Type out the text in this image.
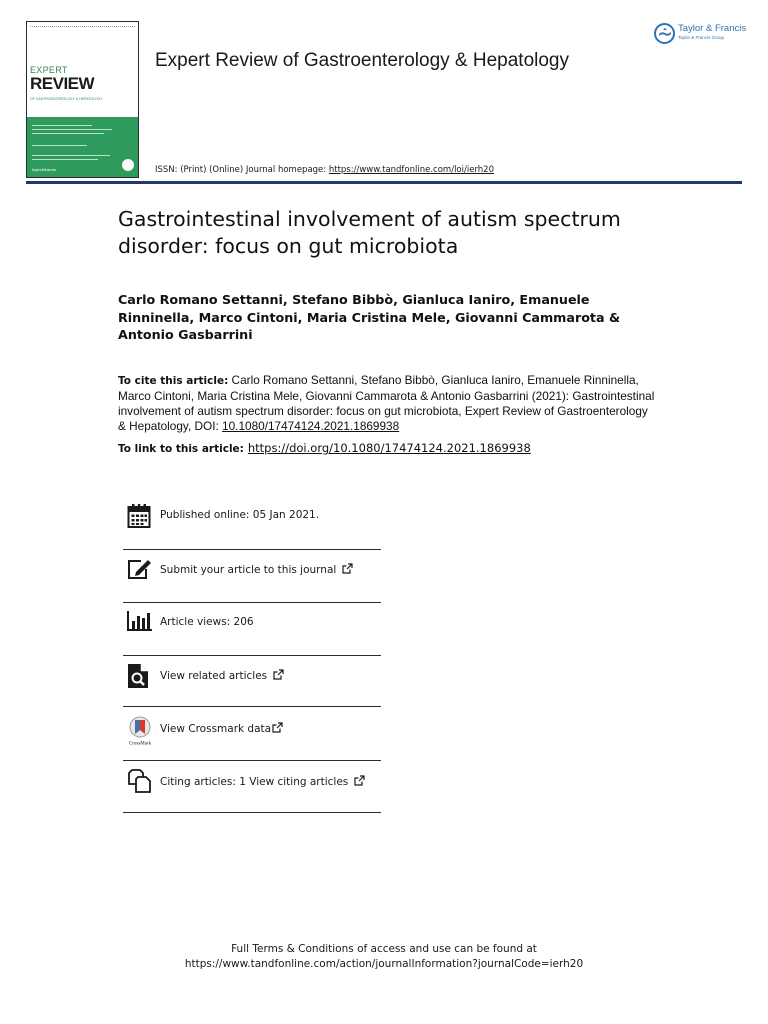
EXPERT
REVIEW
OF GASTROENTEROLOGY & HEPATOLOGY
taylor&francis
Expert Review of Gastroenterology & Hepatology
ISSN: (Print) (Online) Journal homepage: https://www.tandfonline.com/loi/ierh20
Taylor & Francis
Taylor & Francis Group
Gastrointestinal involvement of autism spectrum disorder: focus on gut microbiota
Carlo Romano Settanni, Stefano Bibbò, Gianluca Ianiro, Emanuele Rinninella, Marco Cintoni, Maria Cristina Mele, Giovanni Cammarota & Antonio Gasbarrini
To cite this article: Carlo Romano Settanni, Stefano Bibbò, Gianluca Ianiro, Emanuele Rinninella, Marco Cintoni, Maria Cristina Mele, Giovanni Cammarota & Antonio Gasbarrini (2021): Gastrointestinal involvement of autism spectrum disorder: focus on gut microbiota, Expert Review of Gastroenterology & Hepatology, DOI: 10.1080/17474124.2021.1869938
To link to this article: https://doi.org/10.1080/17474124.2021.1869938
Published online: 05 Jan 2021.
Submit your article to this journal
Article views: 206
View related articles
CrossMark
View Crossmark data
Citing articles: 1 View citing articles
Full Terms & Conditions of access and use can be found at
https://www.tandfonline.com/action/journalInformation?journalCode=ierh20
